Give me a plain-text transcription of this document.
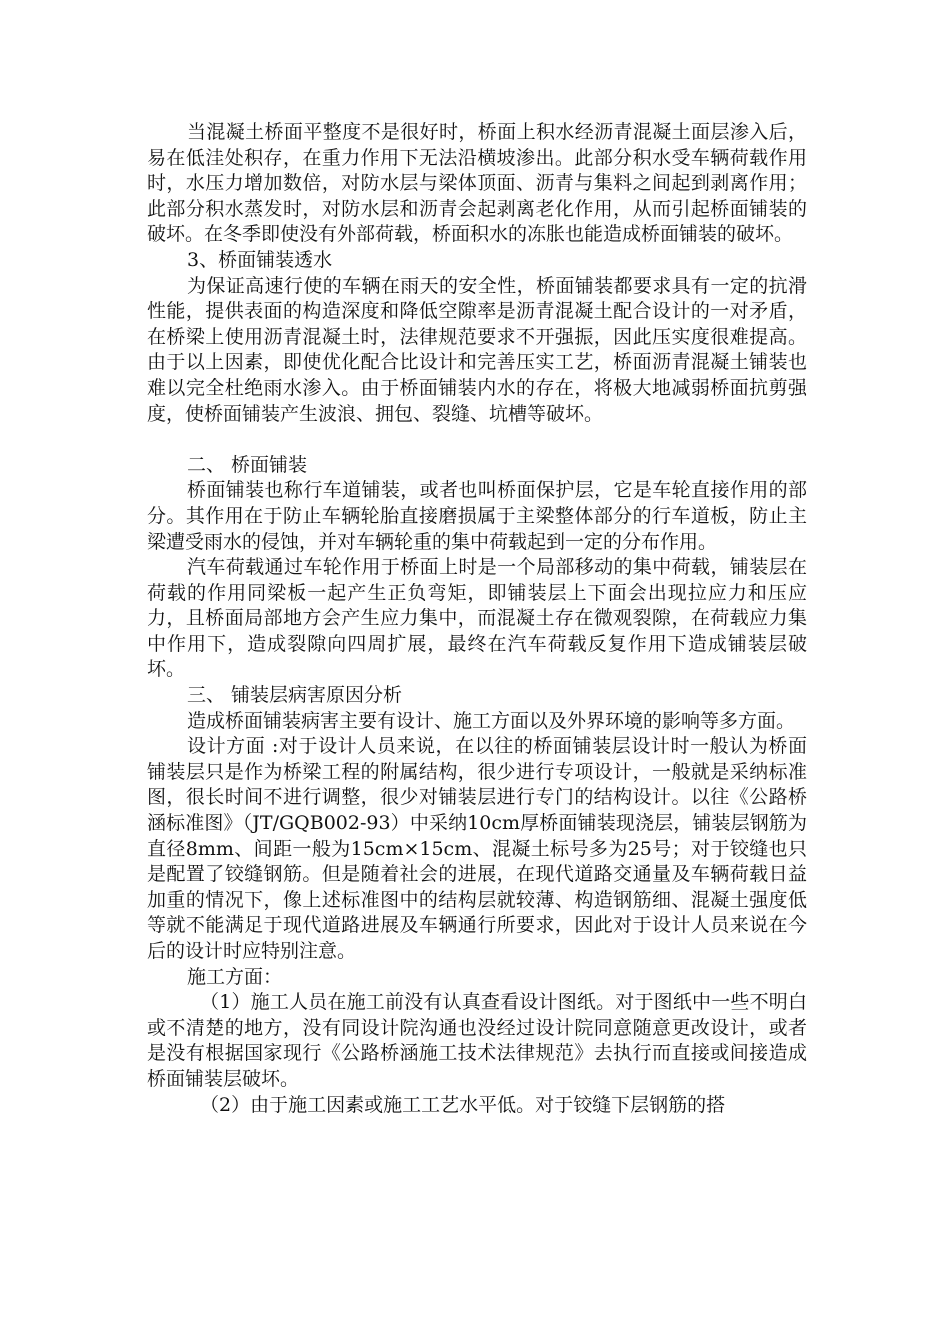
当混凝土桥面平整度不是很好时，桥面上积水经沥青混凝土面层渗入后，易在低洼处积存，在重力作用下无法沿横坡渗出。此部分积水受车辆荷载作用时，水压力增加数倍，对防水层与梁体顶面、沥青与集料之间起到剥离作用；此部分积水蒸发时，对防水层和沥青会起剥离老化作用，从而引起桥面铺装的破坏。在冬季即使没有外部荷载，桥面积水的冻胀也能造成桥面铺装的破坏。

3、桥面铺装透水

为保证高速行使的车辆在雨天的安全性，桥面铺装都要求具有一定的抗滑性能，提供表面的构造深度和降低空隙率是沥青混凝土配合设计的一对矛盾，在桥梁上使用沥青混凝土时，法律规范要求不开强振，因此压实度很难提高。由于以上因素，即使优化配合比设计和完善压实工艺，桥面沥青混凝土铺装也难以完全杜绝雨水渗入。由于桥面铺装内水的存在，将极大地减弱桥面抗剪强度，使桥面铺装产生波浪、拥包、裂缝、坑槽等破坏。

二、 桥面铺装

桥面铺装也称行车道铺装，或者也叫桥面保护层，它是车轮直接作用的部分。其作用在于防止车辆轮胎直接磨损属于主梁整体部分的行车道板，防止主梁遭受雨水的侵蚀，并对车辆轮重的集中荷载起到一定的分布作用。

汽车荷载通过车轮作用于桥面上时是一个局部移动的集中荷载，铺装层在荷载的作用同梁板一起产生正负弯矩，即铺装层上下面会出现拉应力和压应力，且桥面局部地方会产生应力集中，而混凝土存在微观裂隙，在荷载应力集中作用下，造成裂隙向四周扩展，最终在汽车荷载反复作用下造成铺装层破坏。

三、 铺装层病害原因分析

造成桥面铺装病害主要有设计、施工方面以及外界环境的影响等多方面。

设计方面 :对于设计人员来说，在以往的桥面铺装层设计时一般认为桥面铺装层只是作为桥梁工程的附属结构，很少进行专项设计，一般就是采纳标准图，很长时间不进行调整，很少对铺装层进行专门的结构设计。以往《公路桥涵标准图》（JT/GQB002-93）中采纳10cm厚桥面铺装现浇层，铺装层钢筋为直径8mm、间距一般为15cm×15cm、混凝土标号多为25号；对于铰缝也只是配置了铰缝钢筋。但是随着社会的进展，在现代道路交通量及车辆荷载日益加重的情况下，像上述标准图中的结构层就较薄、构造钢筋细、混凝土强度低等就不能满足于现代道路进展及车辆通行所要求，因此对于设计人员来说在今后的设计时应特别注意。

施工方面：

（1）施工人员在施工前没有认真查看设计图纸。对于图纸中一些不明白或不清楚的地方，没有同设计院沟通也没经过设计院同意随意更改设计，或者是没有根据国家现行《公路桥涵施工技术法律规范》去执行而直接或间接造成桥面铺装层破坏。

（2）由于施工因素或施工工艺水平低。对于铰缝下层钢筋的搭
